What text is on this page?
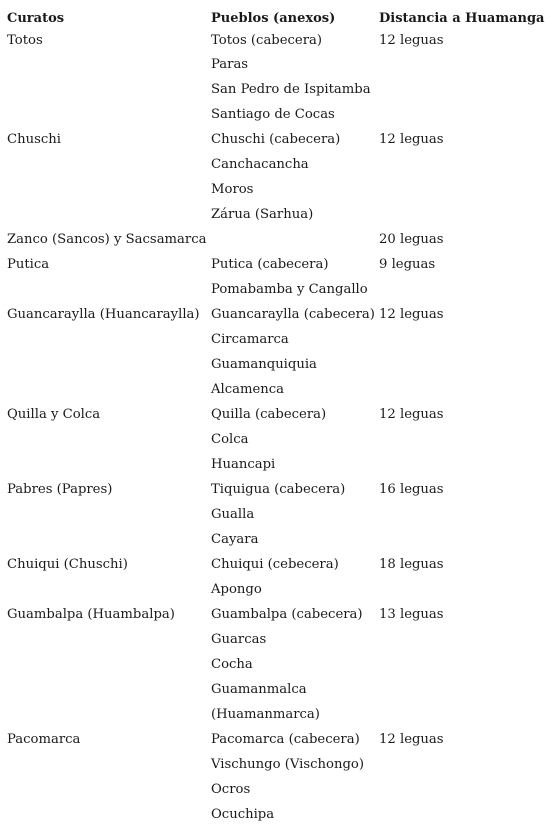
Curatos	Pueblos (anexos)	Distancia a Huamanga
Totos	Totos (cabecera)	12 leguas
	Paras	
	San Pedro de Ispitamba	
	Santiago de Cocas	
Chuschi	Chuschi (cabecera)	12 leguas
	Canchacancha	
	Moros	
	Zárua (Sarhua)	
Zanco (Sancos) y Sacsamarca		20 leguas
Putica	Putica (cabecera)	9 leguas
	Pomabamba y Cangallo	
Guancaraylla (Huancaraylla)	Guancaraylla (cabecera)	12 leguas
	Circamarca	
	Guamanquiquia	
	Alcamenca	
Quilla y Colca	Quilla (cabecera)	12 leguas
	Colca	
	Huancapi	
Pabres (Papres)	Tiquigua (cabecera)	16 leguas
	Gualla	
	Cayara	
Chuiqui (Chuschi)	Chuiqui (cebecera)	18 leguas
	Apongo	
Guambalpa (Huambalpa)	Guambalpa (cabecera)	13 leguas
	Guarcas	
	Cocha	
	Guamanmalca	
	(Huamanmarca)	
Pacomarca	Pacomarca (cabecera)	12 leguas
	Vischungo (Vischongo)	
	Ocros	
	Ocuchipa	
